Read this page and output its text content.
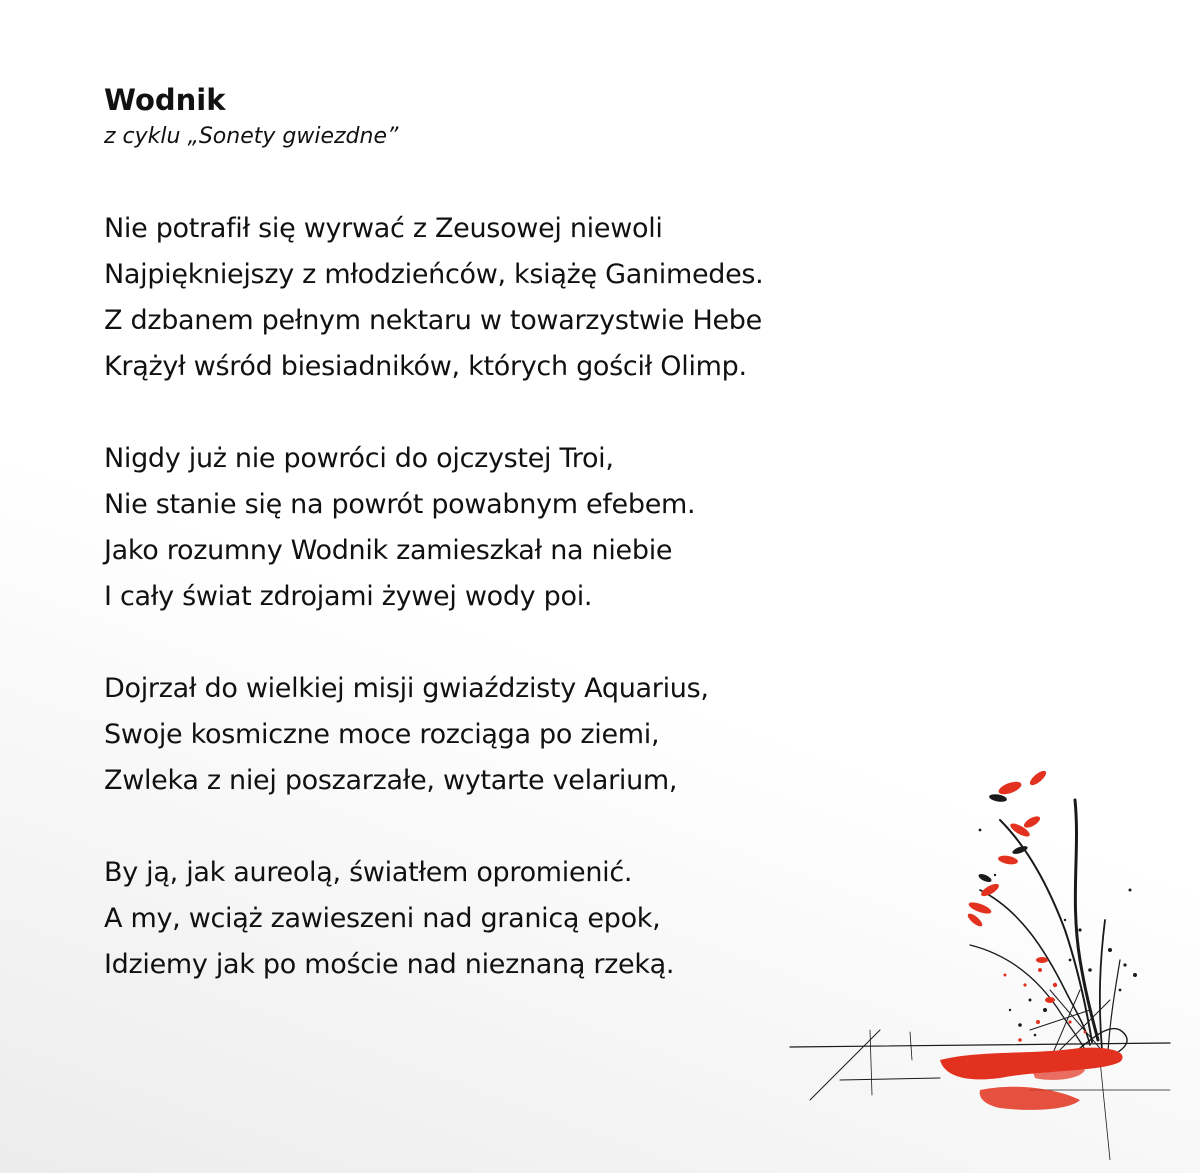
Wodnik

z cyklu „Sonety gwiezdne”

Nie potrafił się wyrwać z Zeusowej niewoli
Najpiękniejszy z młodzieńców, książę Ganimedes.
Z dzbanem pełnym nektaru w towarzystwie Hebe
Krążył wśród biesiadników, których gościł Olimp.
Nigdy już nie powróci do ojczystej Troi,
Nie stanie się na powrót powabnym efebem.
Jako rozumny Wodnik zamieszkał na niebie
I cały świat zdrojami żywej wody poi.
Dojrzał do wielkiej misji gwiaździsty Aquarius,
Swoje kosmiczne moce rozciąga po ziemi,
Zwleka z niej poszarzałe, wytarte velarium,
By ją, jak aureolą, światłem opromienić.
A my, wciąż zawieszeni nad granicą epok,
Idziemy jak po moście nad nieznaną rzeką.
